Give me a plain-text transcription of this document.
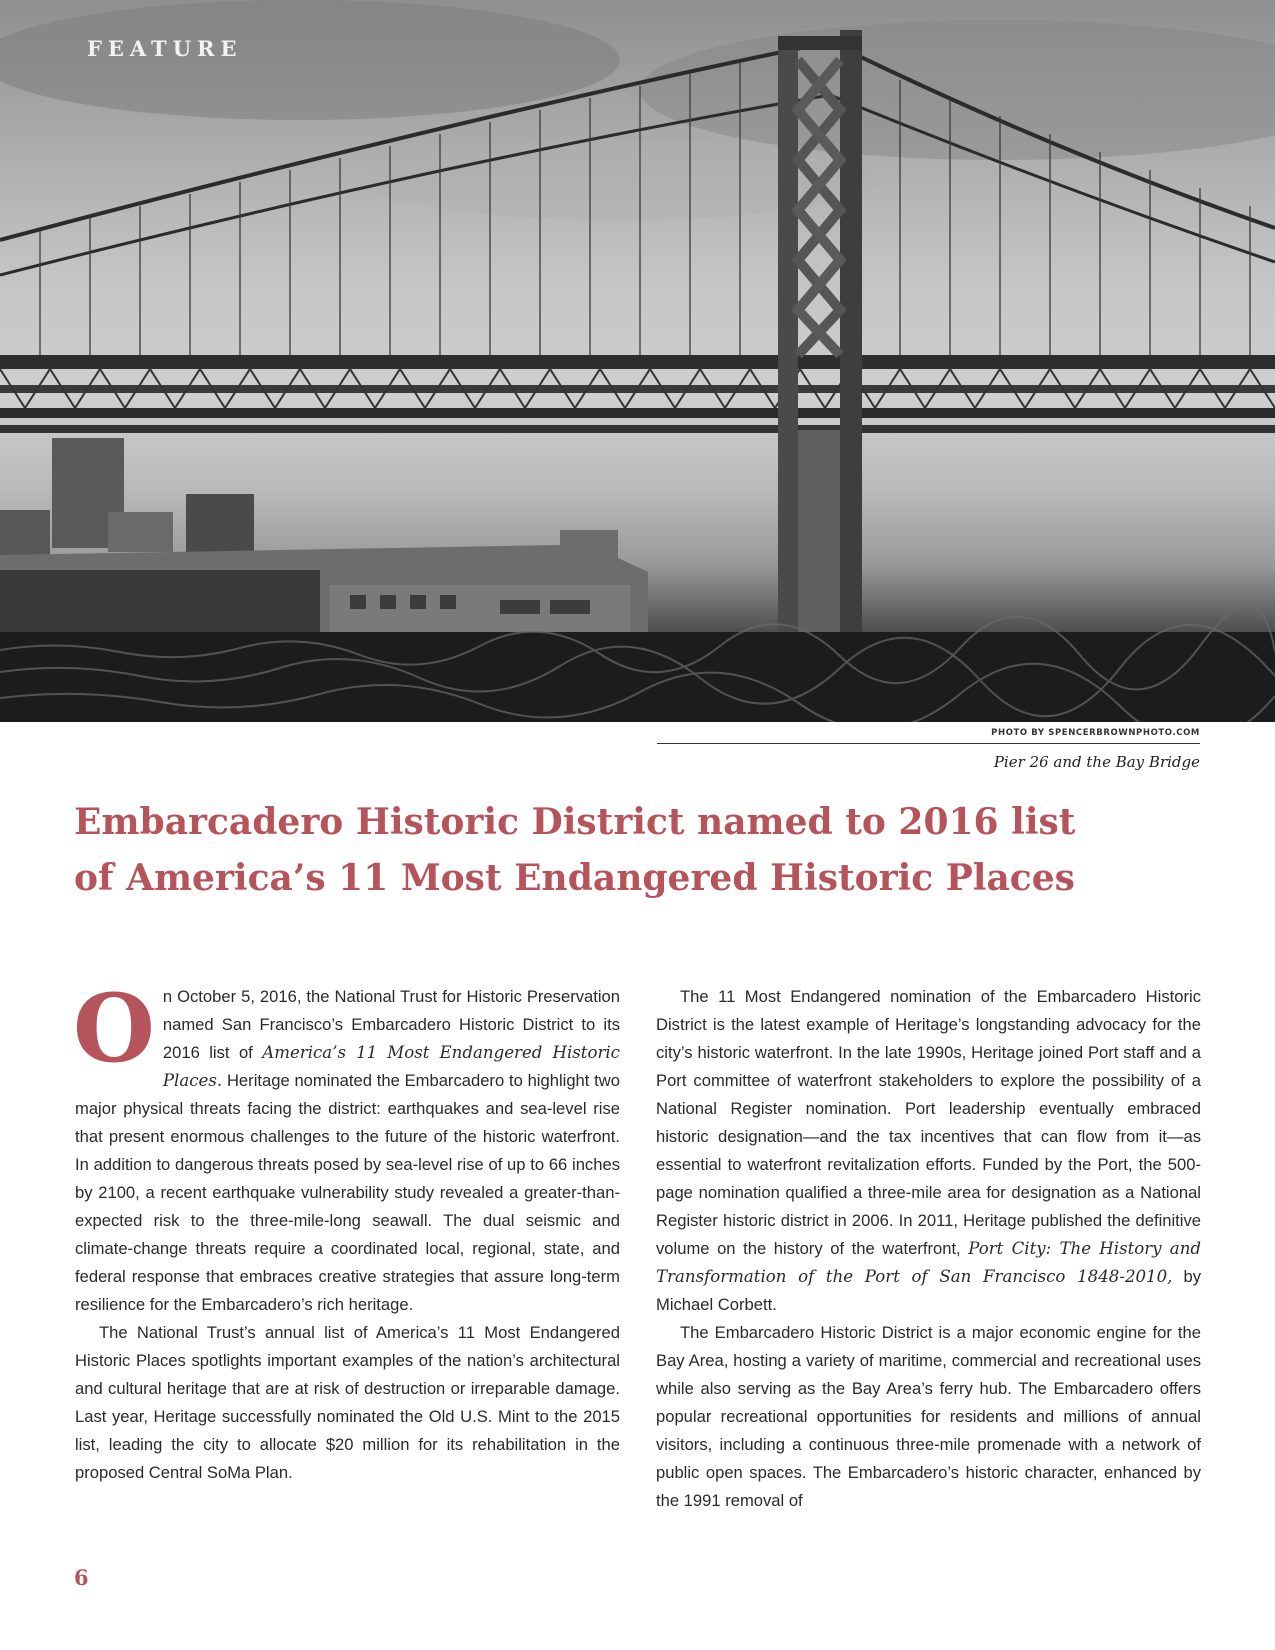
FEATURE
PHOTO BY SPENCERBROWNPHOTO.COM
Pier 26 and the Bay Bridge
Embarcadero Historic District named to 2016 list
of America’s 11 Most Endangered Historic Places

On October 5, 2016, the National Trust for Historic Preservation named San Francisco’s Embarcadero Historic District to its 2016 list of America’s 11 Most Endangered Historic Places. Heritage nominated the Embarcadero to highlight two major physical threats facing the district: earthquakes and sea-level rise that present enormous challenges to the future of the historic waterfront. In addition to dangerous threats posed by sea-level rise of up to 66 inches by 2100, a recent earthquake vulnerability study revealed a greater-than-expected risk to the three-mile-long seawall. The dual seismic and climate-change threats require a coordinated local, regional, state, and federal response that embraces creative strategies that assure long-term resilience for the Embarcadero’s rich heritage.

The National Trust’s annual list of America’s 11 Most Endangered Historic Places spotlights important examples of the nation’s architectural and cultural heritage that are at risk of destruction or irreparable damage. Last year, Heritage successfully nominated the Old U.S. Mint to the 2015 list, leading the city to allocate $20 million for its rehabilitation in the proposed Central SoMa Plan.

The 11 Most Endangered nomination of the Embarcadero Historic District is the latest example of Heritage’s longstanding advocacy for the city’s historic waterfront. In the late 1990s, Heritage joined Port staff and a Port committee of waterfront stakeholders to explore the possibility of a National Register nomination. Port leadership eventually embraced historic designation—and the tax incentives that can flow from it—as essential to waterfront revitalization efforts. Funded by the Port, the 500-page nomination qualified a three-mile area for designation as a National Register historic district in 2006. In 2011, Heritage published the definitive volume on the history of the waterfront, Port City: The History and Transformation of the Port of San Francisco 1848-2010, by Michael Corbett.

The Embarcadero Historic District is a major economic engine for the Bay Area, hosting a variety of maritime, commercial and recreational uses while also serving as the Bay Area’s ferry hub. The Embarcadero offers popular recreational opportunities for residents and millions of annual visitors, including a continuous three-mile promenade with a network of public open spaces. The Embarcadero’s historic character, enhanced by the 1991 removal of

6
